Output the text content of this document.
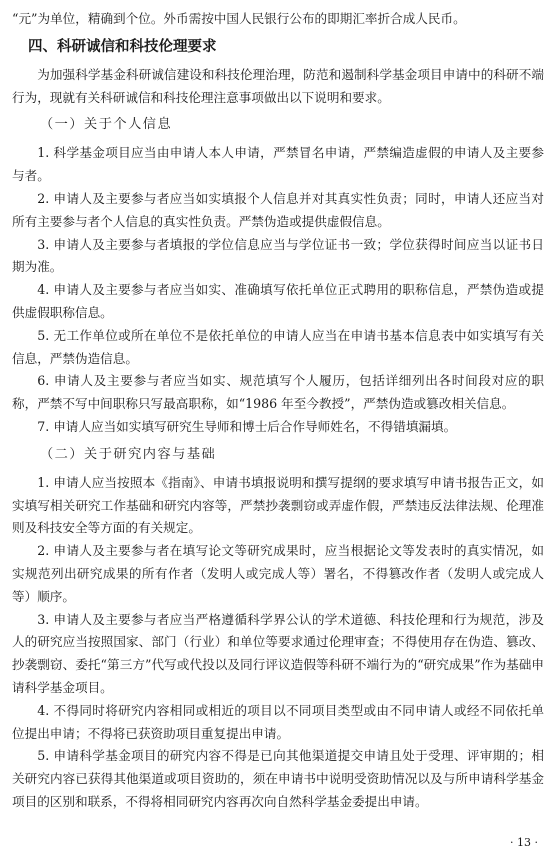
“元”为单位，精确到个位。外币需按中国人民银行公布的即期汇率折合成人民币。

四、科研诚信和科技伦理要求

为加强科学基金科研诚信建设和科技伦理治理，防范和遏制科学基金项目申请中的科研不端行为，现就有关科研诚信和科技伦理注意事项做出以下说明和要求。

（一）关于个人信息

1. 科学基金项目应当由申请人本人申请，严禁冒名申请，严禁编造虚假的申请人及主要参与者。

2. 申请人及主要参与者应当如实填报个人信息并对其真实性负责；同时，申请人还应当对所有主要参与者个人信息的真实性负责。严禁伪造或提供虚假信息。

3. 申请人及主要参与者填报的学位信息应当与学位证书一致；学位获得时间应当以证书日期为准。

4. 申请人及主要参与者应当如实、准确填写依托单位正式聘用的职称信息，严禁伪造或提供虚假职称信息。

5. 无工作单位或所在单位不是依托单位的申请人应当在申请书基本信息表中如实填写有关信息，严禁伪造信息。

6. 申请人及主要参与者应当如实、规范填写个人履历，包括详细列出各时间段对应的职称，严禁不写中间职称只写最高职称，如“1986 年至今教授”，严禁伪造或篡改相关信息。

7. 申请人应当如实填写研究生导师和博士后合作导师姓名，不得错填漏填。

（二）关于研究内容与基础

1. 申请人应当按照本《指南》、申请书填报说明和撰写提纲的要求填写申请书报告正文，如实填写相关研究工作基础和研究内容等，严禁抄袭剽窃或弄虚作假，严禁违反法律法规、伦理准则及科技安全等方面的有关规定。

2. 申请人及主要参与者在填写论文等研究成果时，应当根据论文等发表时的真实情况，如实规范列出研究成果的所有作者（发明人或完成人等）署名，不得篡改作者（发明人或完成人等）顺序。

3. 申请人及主要参与者应当严格遵循科学界公认的学术道德、科技伦理和行为规范，涉及人的研究应当按照国家、部门（行业）和单位等要求通过伦理审查；不得使用存在伪造、篡改、抄袭剽窃、委托“第三方”代写或代投以及同行评议造假等科研不端行为的“研究成果”作为基础申请科学基金项目。

4. 不得同时将研究内容相同或相近的项目以不同项目类型或由不同申请人或经不同依托单位提出申请；不得将已获资助项目重复提出申请。

5. 申请科学基金项目的研究内容不得是已向其他渠道提交申请且处于受理、评审期的；相关研究内容已获得其他渠道或项目资助的，须在申请书中说明受资助情况以及与所申请科学基金项目的区别和联系，不得将相同研究内容再次向自然科学基金委提出申请。

· 13 ·
